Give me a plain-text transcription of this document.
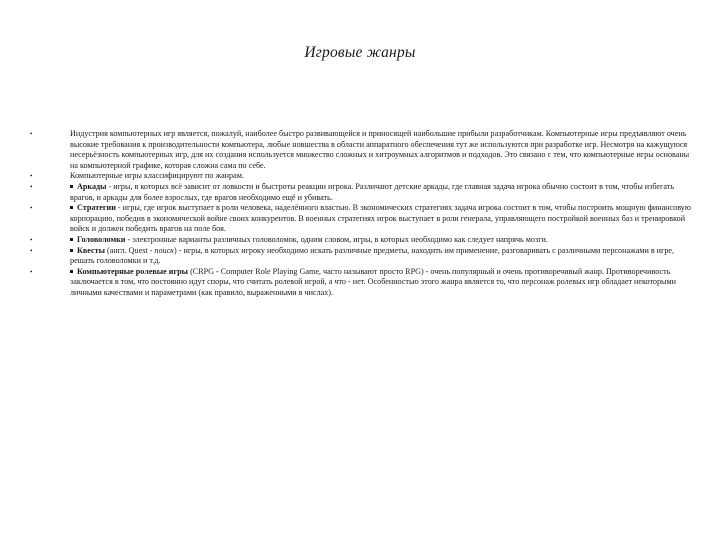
Игровые жанры
•	Индустрия компьютерных игр является, пожалуй, наиболее быстро развивающейся и приносящей наибольшие прибыли разработчикам. Компьютерные игры предъявляют очень высокие требования к производительности компьютера, любые новшества в области аппаратного обеспечения тут же используются при разработке игр. Несмотря на кажущуюся несерьёзность компьютерных игр, для их создания используется множество сложных и хитроумных алгоритмов и подходов. Это связано с тем, что компьютерные игры основаны на компьютерной графике, которая сложна сама по себе.
•	Компьютерные игры классифицируют по жанрам.
•	Аркады - игры, в которых всё зависит от ловкости и быстроты реакции игрока. Различают детские аркады, где главная задача игрока обычно состоит в том, чтобы избегать врагов, и аркады для более взрослых, где врагов необходимо ещё и убивать.
•	Стратегии - игры, где игрок выступает в роли человека, наделённого властью. В экономических стратегиях задача игрока состоит в том, чтобы построить мощную финансовую корпорацию, победив в экономической войне своих конкурентов. В военных стратегиях игрок выступает в роли генерала, управляющего постройкой военных баз и тренировкой войск и должен победить врагов на поле боя.
•	Головоломки - электронные варианты различных головоломок, одним словом, игры, в которых необходимо как следует напрячь мозги.
•	Квесты (англ. Quest - поиск) - игры, в которых игроку необходимо искать различные предметы, находить им применение, разговаривать с различными персонажами в игре, решать головоломки и т.д.
•	Компьютерные ролевые игры (CRPG - Computer Role Playing Game, часто называют просто RPG) - очень популярный и очень противоречивый жанр. Противоречивость заключается в том, что постоянно идут споры, что считать ролевой игрой, а что - нет. Особенностью этого жанра является то, что персонаж ролевых игр обладает некоторыми личными качествами и параметрами (как правило, выраженными в числах).
